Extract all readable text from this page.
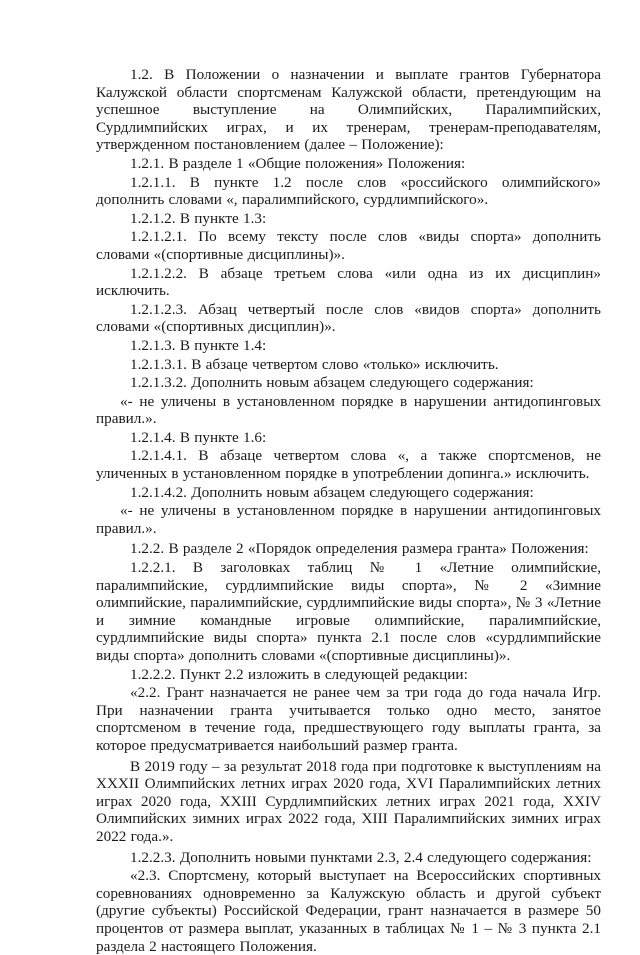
1.2. В Положении о назначении и выплате грантов Губернатора Калужской области спортсменам Калужской области, претендующим на успешное выступление на Олимпийских, Паралимпийских, Сурдлимпийских играх, и их тренерам, тренерам-преподавателям, утвержденном постановлением (далее – Положение):

1.2.1. В разделе 1 «Общие положения» Положения:

1.2.1.1. В пункте 1.2 после слов «российского олимпийского» дополнить словами «, паралимпийского, сурдлимпийского».

1.2.1.2. В пункте 1.3:

1.2.1.2.1. По всему тексту после слов «виды спорта» дополнить словами «(спортивные дисциплины)».

1.2.1.2.2. В абзаце третьем слова «или одна из их дисциплин» исключить.

1.2.1.2.3. Абзац четвертый после слов «видов спорта» дополнить словами «(спортивных дисциплин)».

1.2.1.3. В пункте 1.4:

1.2.1.3.1. В абзаце четвертом слово «только» исключить.

1.2.1.3.2. Дополнить новым абзацем следующего содержания:

«- не уличены в установленном порядке в нарушении антидопинговых правил.».

1.2.1.4. В пункте 1.6:

1.2.1.4.1. В абзаце четвертом слова «, а также спортсменов, не уличенных в установленном порядке в употреблении допинга.» исключить.

1.2.1.4.2. Дополнить новым абзацем следующего содержания:

«- не уличены в установленном порядке в нарушении антидопинговых правил.».

1.2.2. В разделе 2 «Порядок определения размера гранта» Положения:

1.2.2.1. В заголовках таблиц № 1 «Летние олимпийские, паралимпийские, сурдлимпийские виды спорта», № 2 «Зимние олимпийские, паралимпийские, сурдлимпийские виды спорта», № 3 «Летние и зимние командные игровые олимпийские, паралимпийские, сурдлимпийские виды спорта» пункта 2.1 после слов «сурдлимпийские виды спорта» дополнить словами «(спортивные дисциплины)».

1.2.2.2. Пункт 2.2 изложить в следующей редакции:

«2.2. Грант назначается не ранее чем за три года до года начала Игр. При назначении гранта учитывается только одно место, занятое спортсменом в течение года, предшествующего году выплаты гранта, за которое предусматривается наибольший размер гранта.

В 2019 году – за результат 2018 года при подготовке к выступлениям на XXXII Олимпийских летних играх 2020 года, XVI Паралимпийских летних играх 2020 года, XXIII Сурдлимпийских летних играх 2021 года, XXIV Олимпийских зимних играх 2022 года, XIII Паралимпийских зимних играх 2022 года.».

1.2.2.3. Дополнить новыми пунктами 2.3, 2.4 следующего содержания:

«2.3. Спортсмену, который выступает на Всероссийских спортивных соревнованиях одновременно за Калужскую область и другой субъект (другие субъекты) Российской Федерации, грант назначается в размере 50 процентов от размера выплат, указанных в таблицах № 1 – № 3 пункта 2.1 раздела 2 настоящего Положения.
